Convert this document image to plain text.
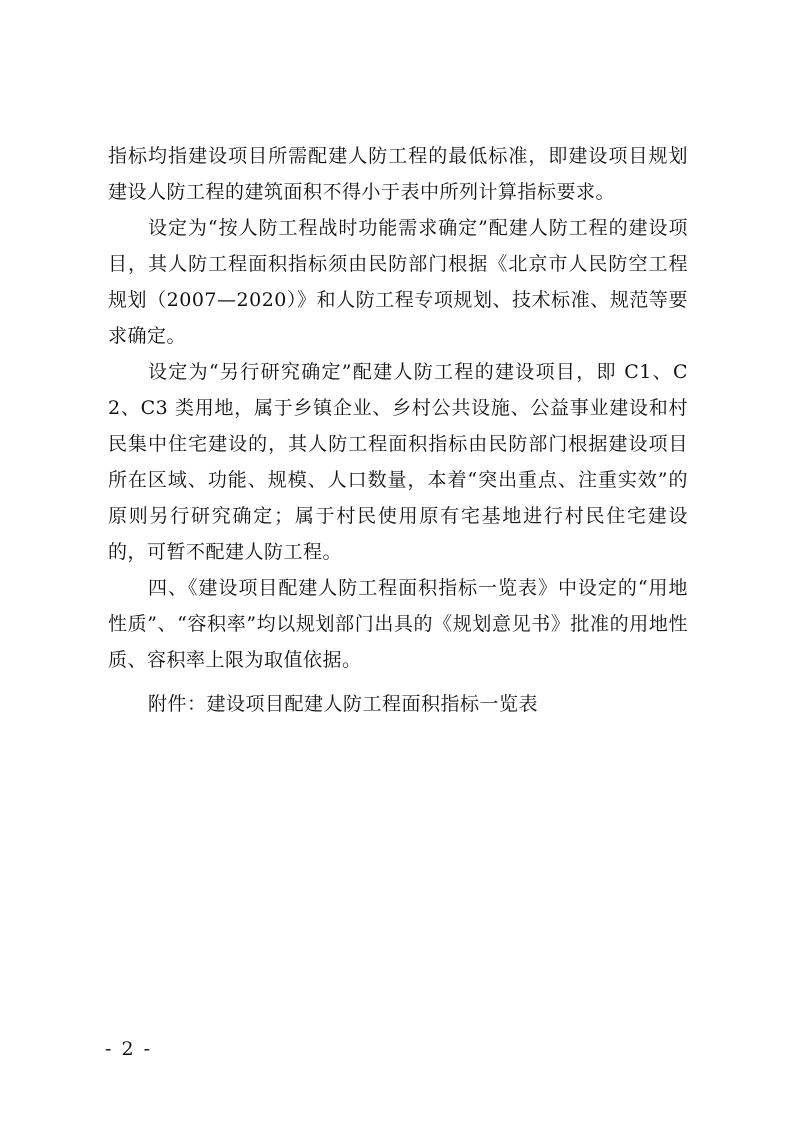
指标均指建设项目所需配建人防工程的最低标准，即建设项目规划建设人防工程的建筑面积不得小于表中所列计算指标要求。

设定为“按人防工程战时功能需求确定”配建人防工程的建设项目，其人防工程面积指标须由民防部门根据《北京市人民防空工程规划（2007—2020）》和人防工程专项规划、技术标准、规范等要求确定。

设定为“另行研究确定”配建人防工程的建设项目，即 C1、C2、C3 类用地，属于乡镇企业、乡村公共设施、公益事业建设和村民集中住宅建设的，其人防工程面积指标由民防部门根据建设项目所在区域、功能、规模、人口数量，本着“突出重点、注重实效”的原则另行研究确定；属于村民使用原有宅基地进行村民住宅建设的，可暂不配建人防工程。

四、《建设项目配建人防工程面积指标一览表》中设定的“用地性质”、“容积率”均以规划部门出具的《规划意见书》批准的用地性质、容积率上限为取值依据。

附件：建设项目配建人防工程面积指标一览表

- 2 -
